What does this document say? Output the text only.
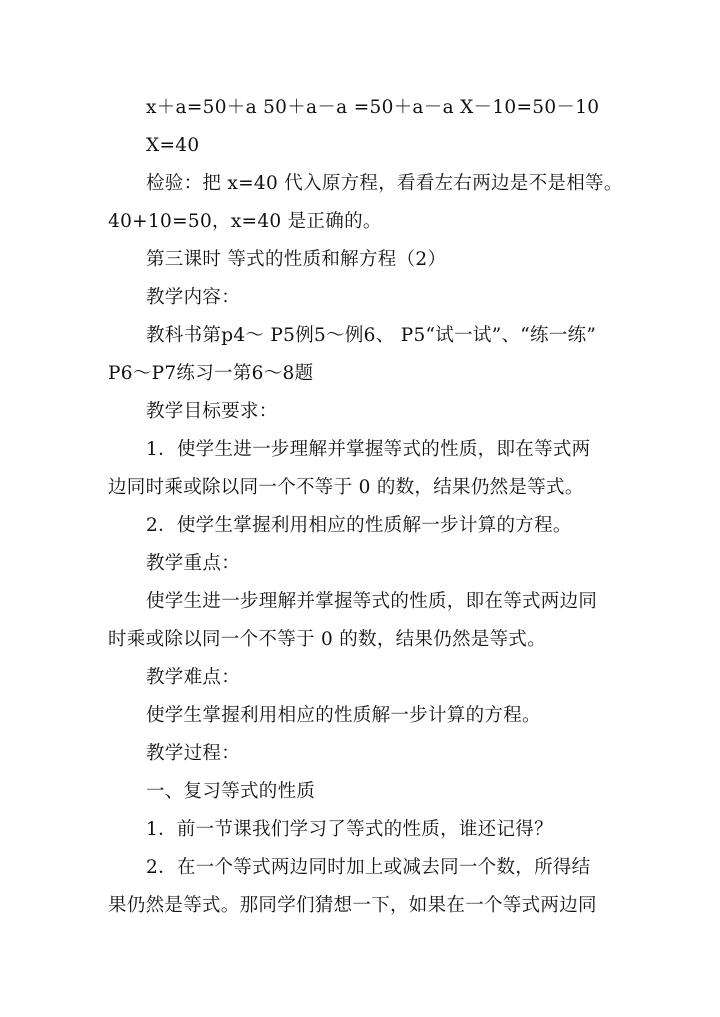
x＋a=50＋a 50＋a－a =50＋a－a X－10=50－10
X=40
检验：把 x=40 代入原方程，看看左右两边是不是相等。
40+10=50，x=40 是正确的。
第三课时 等式的性质和解方程（2）
教学内容：
教科书第p4～ P5例5～例6、 P5“试一试”、“练一练”
P6～P7练习一第6～8题
教学目标要求：
1．使学生进一步理解并掌握等式的性质，即在等式两
边同时乘或除以同一个不等于 0 的数，结果仍然是等式。
2．使学生掌握利用相应的性质解一步计算的方程。
教学重点：
使学生进一步理解并掌握等式的性质，即在等式两边同
时乘或除以同一个不等于 0 的数，结果仍然是等式。
教学难点：
使学生掌握利用相应的性质解一步计算的方程。
教学过程：
一、复习等式的性质
1．前一节课我们学习了等式的性质，谁还记得？
2．在一个等式两边同时加上或减去同一个数，所得结
果仍然是等式。那同学们猜想一下，如果在一个等式两边同
